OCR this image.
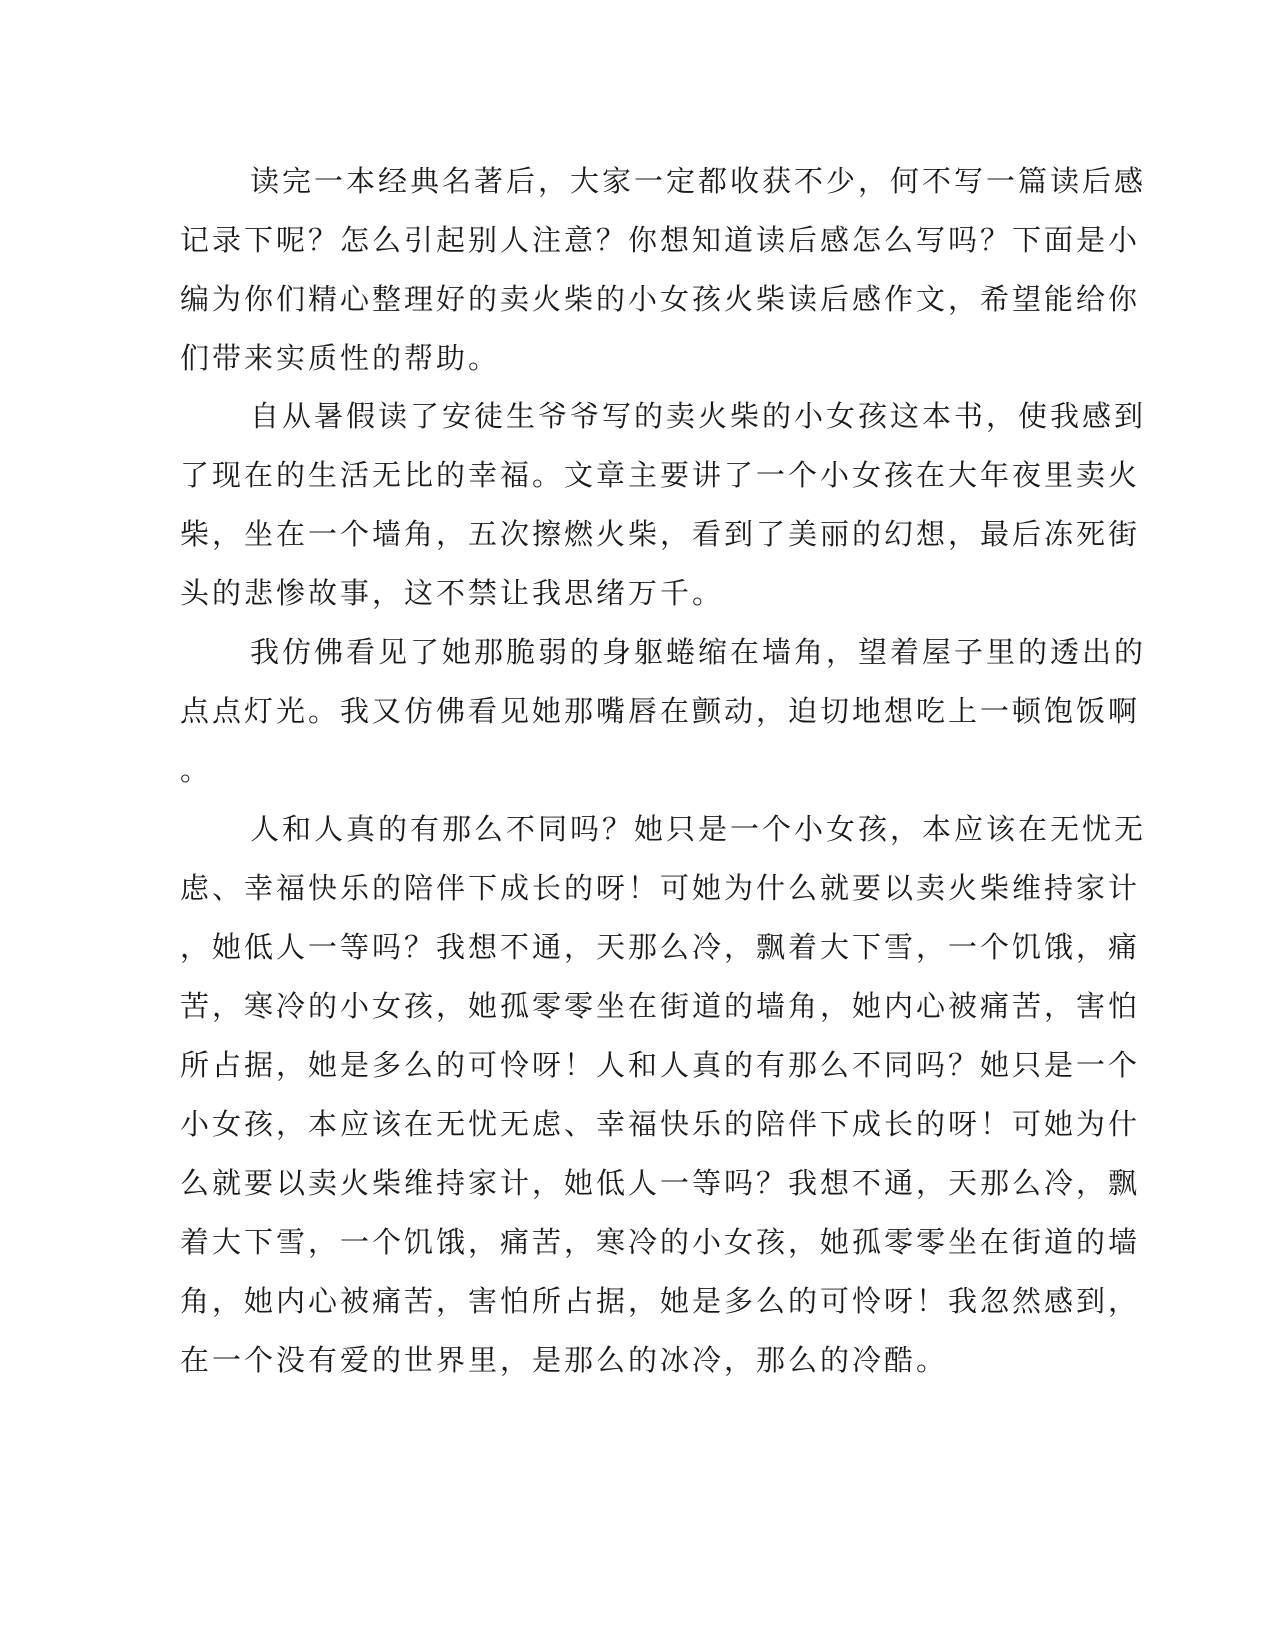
读完一本经典名著后，大家一定都收获不少，何不写一篇读后感
记录下呢？怎么引起别人注意？你想知道读后感怎么写吗？下面是小
编为你们精心整理好的卖火柴的小女孩火柴读后感作文，希望能给你
们带来实质性的帮助。
自从暑假读了安徒生爷爷写的卖火柴的小女孩这本书，使我感到
了现在的生活无比的幸福。文章主要讲了一个小女孩在大年夜里卖火
柴，坐在一个墙角，五次擦燃火柴，看到了美丽的幻想，最后冻死街
头的悲惨故事，这不禁让我思绪万千。
我仿佛看见了她那脆弱的身躯蜷缩在墙角，望着屋子里的透出的
点点灯光。我又仿佛看见她那嘴唇在颤动，迫切地想吃上一顿饱饭啊
。
人和人真的有那么不同吗？她只是一个小女孩，本应该在无忧无
虑、幸福快乐的陪伴下成长的呀！可她为什么就要以卖火柴维持家计
，她低人一等吗？我想不通，天那么冷，飘着大下雪，一个饥饿，痛
苦，寒冷的小女孩，她孤零零坐在街道的墙角，她内心被痛苦，害怕
所占据，她是多么的可怜呀！人和人真的有那么不同吗？她只是一个
小女孩，本应该在无忧无虑、幸福快乐的陪伴下成长的呀！可她为什
么就要以卖火柴维持家计，她低人一等吗？我想不通，天那么冷，飘
着大下雪，一个饥饿，痛苦，寒冷的小女孩，她孤零零坐在街道的墙
角，她内心被痛苦，害怕所占据，她是多么的可怜呀！我忽然感到，
在一个没有爱的世界里，是那么的冰冷，那么的冷酷。
